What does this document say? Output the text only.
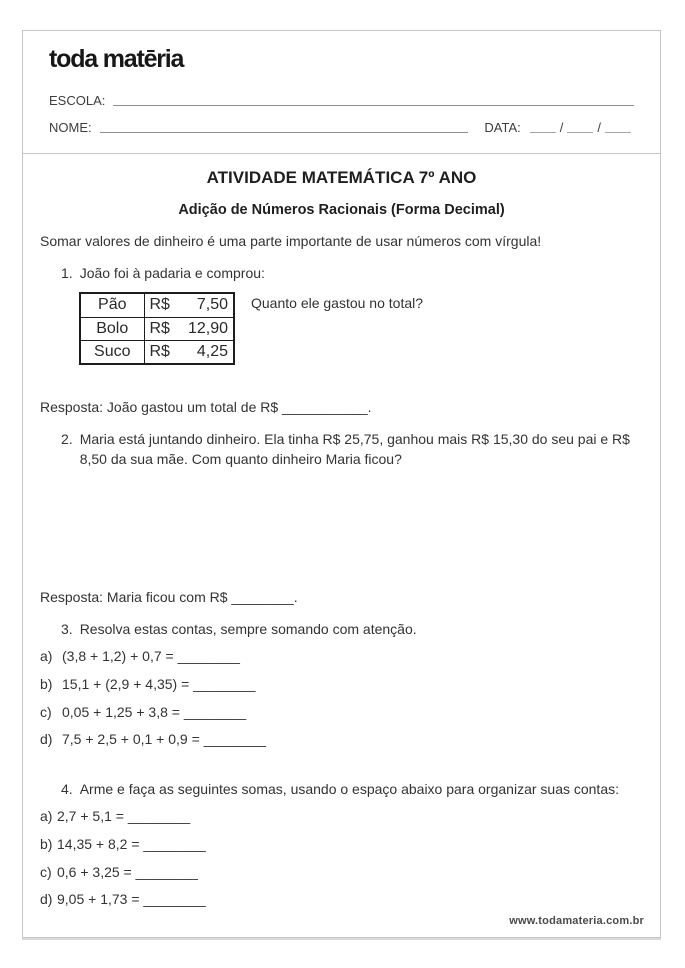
toda matēria
ESCOLA:
NOME:	DATA:	/	/
ATIVIDADE MATEMÁTICA 7º ANO
Adição de Números Racionais (Forma Decimal)
Somar valores de dinheiro é uma parte importante de usar números com vírgula!
1. João foi à padaria e comprou:
Pão	R$ 7,50

Bolo	R$ 12,90

Suco	R$ 4,25
Quanto ele gastou no total?
Resposta: João gastou um total de R$ ___________.
2. Maria está juntando dinheiro. Ela tinha R$ 25,75, ganhou mais R$ 15,30 do seu pai e R$ 8,50 da sua mãe. Com quanto dinheiro Maria ficou?
Resposta: Maria ficou com R$ ________.
3. Resolva estas contas, sempre somando com atenção.
a) (3,8 + 1,2) + 0,7 = ________
b) 15,1 + (2,9 + 4,35) = ________
c) 0,05 + 1,25 + 3,8 = ________
d) 7,5 + 2,5 + 0,1 + 0,9 = ________
4. Arme e faça as seguintes somas, usando o espaço abaixo para organizar suas contas:
a) 2,7 + 5,1 = ________
b) 14,35 + 8,2 = ________
c) 0,6 + 3,25 = ________
d) 9,05 + 1,73 = ________
www.todamateria.com.br
